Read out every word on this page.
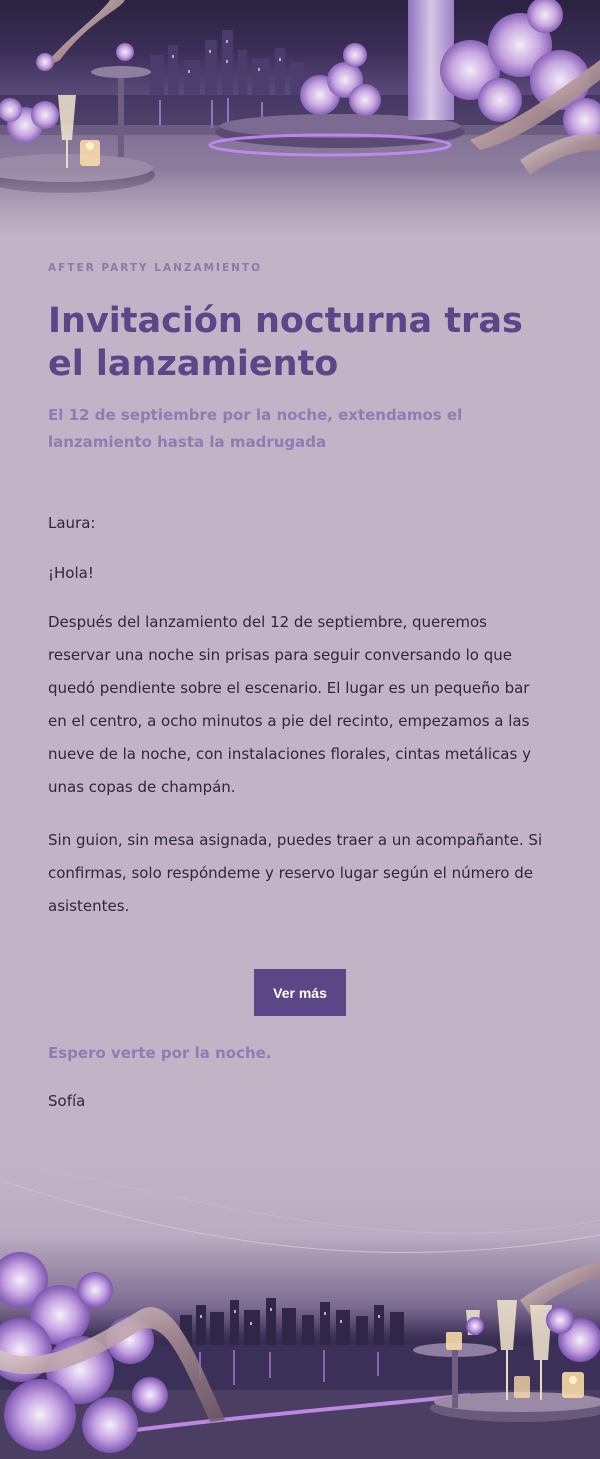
AFTER PARTY LANZAMIENTO
Invitación nocturna tras el lanzamiento

El 12 de septiembre por la noche, extendamos el lanzamiento hasta la madrugada

Laura:

¡Hola!

Después del lanzamiento del 12 de septiembre, queremos reservar una noche sin prisas para seguir conversando lo que quedó pendiente sobre el escenario. El lugar es un pequeño bar en el centro, a ocho minutos a pie del recinto, empezamos a las nueve de la noche, con instalaciones florales, cintas metálicas y unas copas de champán.

Sin guion, sin mesa asignada, puedes traer a un acompañante. Si confirmas, solo respóndeme y reservo lugar según el número de asistentes.

Ver más

Espero verte por la noche.

Sofía
